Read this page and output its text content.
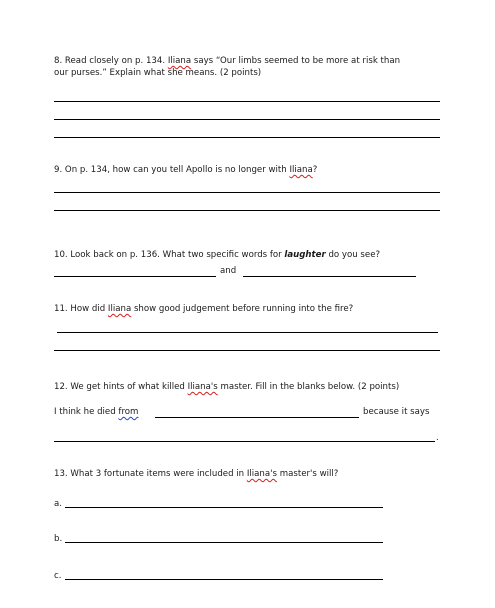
8. Read closely on p. 134. Iliana says “Our limbs seemed to be more at risk than
our purses.” Explain what she means. (2 points)
9. On p. 134, how can you tell Apollo is no longer with Iliana?
10. Look back on p. 136. What two specific words for laughter do you see?
and
11. How did Iliana show good judgement before running into the fire?
12. We get hints of what killed Iliana's master. Fill in the blanks below. (2 points)
I think he died from	because it says
.
13. What 3 fortunate items were included in Iliana's master's will?
a.
b.
c.
